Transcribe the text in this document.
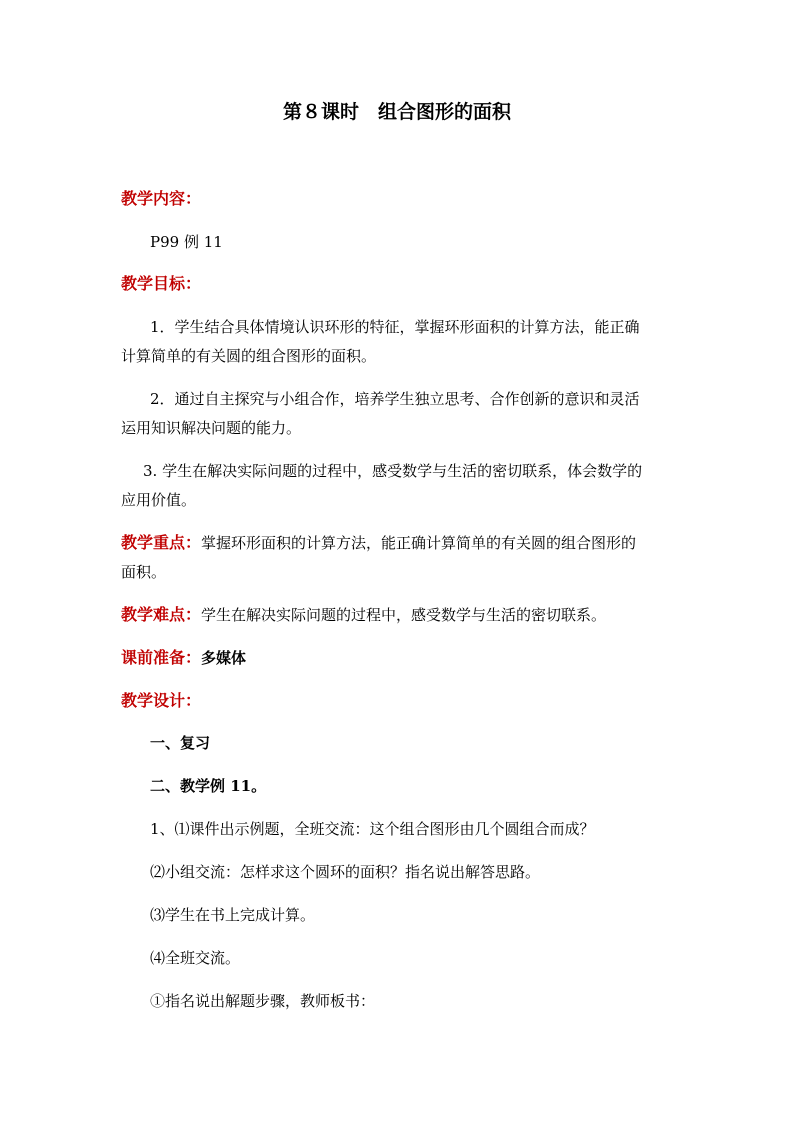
第８课时　组合图形的面积
教学内容：
P99 例 11
教学目标：
1．学生结合具体情境认识环形的特征，掌握环形面积的计算方法，能正确
计算简单的有关圆的组合图形的面积。
2．通过自主探究与小组合作，培养学生独立思考、合作创新的意识和灵活
运用知识解决问题的能力。
3. 学生在解决实际问题的过程中，感受数学与生活的密切联系，体会数学的
应用价值。
教学重点：掌握环形面积的计算方法，能正确计算简单的有关圆的组合图形的
面积。
教学难点：学生在解决实际问题的过程中，感受数学与生活的密切联系。
课前准备：多媒体
教学设计：
一、复习
二、教学例 11。
1、⑴课件出示例题，全班交流：这个组合图形由几个圆组合而成？
⑵小组交流：怎样求这个圆环的面积？指名说出解答思路。
⑶学生在书上完成计算。
⑷全班交流。
①指名说出解题步骤，教师板书：
